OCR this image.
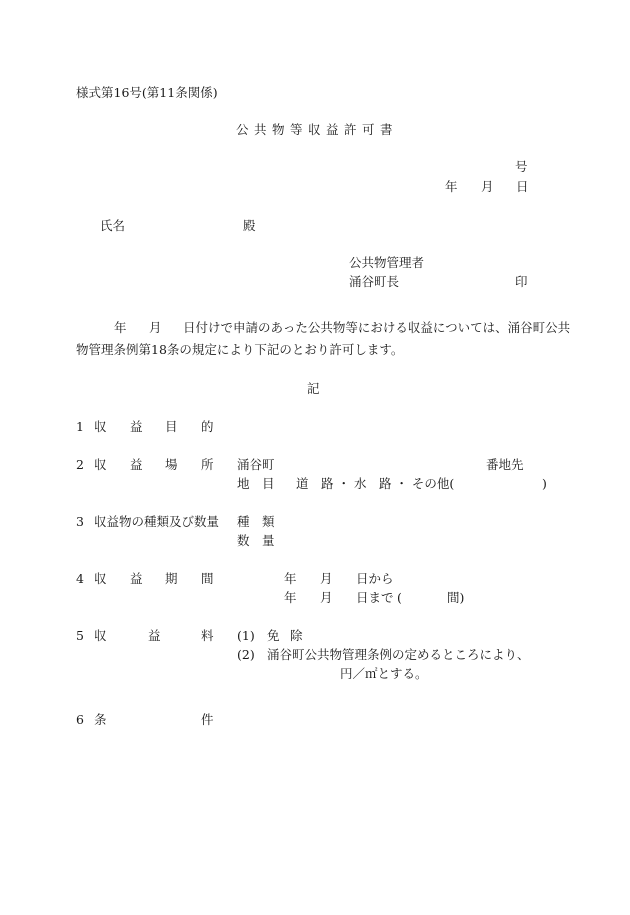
様式第16号(第11条関係)
公 共 物 等 収 益 許 可 書
号
年 月 日
氏名	殿
公共物管理者
涌谷町長	印
年 月 日付けで申請のあった公共物等における収益については、涌谷町公共
物管理条例第18条の規定により下記のとおり許可します。
記
1 収 益 目 的
2 収 益 場 所 涌谷町	番地先
地 目 道　路 ・ 水　路 ・ その他(	)
3 収益物の種類及び数量 種 類
数 量
4 収 益 期 間	年 月 日から
年 月 日まで (	間)
5 収	益	料 (1) 免 除
(2) 涌谷町公共物管理条例の定めるところにより、
円／㎡とする。
6 条	件
